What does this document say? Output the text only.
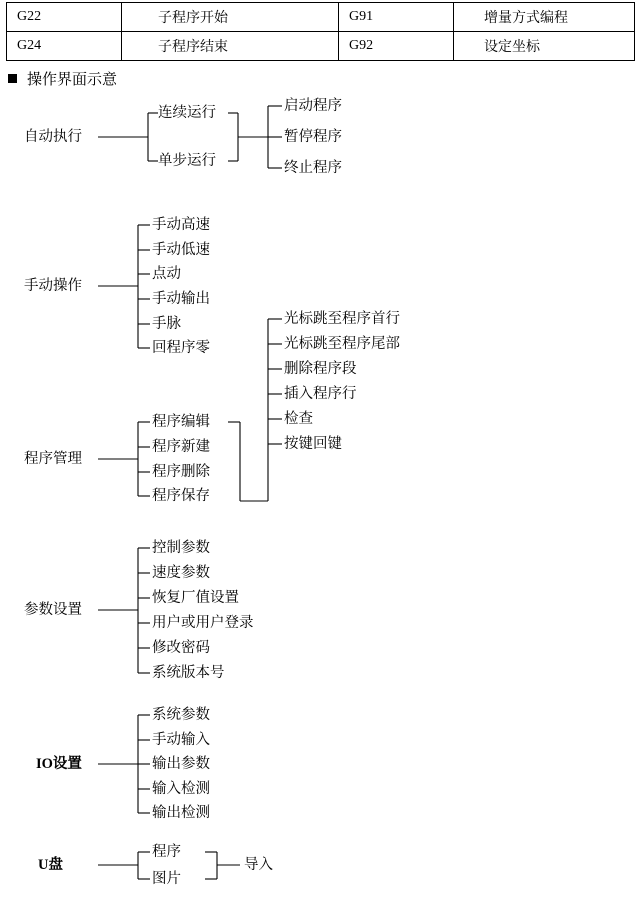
G22	子程序开始	G91	增量方式编程
G24	子程序结束	G92	设定坐标
操作界面示意
自动执行
连续运行
单步运行
启动程序
暂停程序
终止程序
手动操作
手动高速
手动低速
点动
手动输出
手脉
回程序零
程序管理
程序编辑
程序新建
程序删除
程序保存
光标跳至程序首行
光标跳至程序尾部
删除程序段
插入程序行
检查
按键回键
参数设置
控制参数
速度参数
恢复厂值设置
用户或用户登录
修改密码
系统版本号
IO设置
系统参数
手动输入
输出参数
输入检测
输出检测
U盘
程序
图片
导入
